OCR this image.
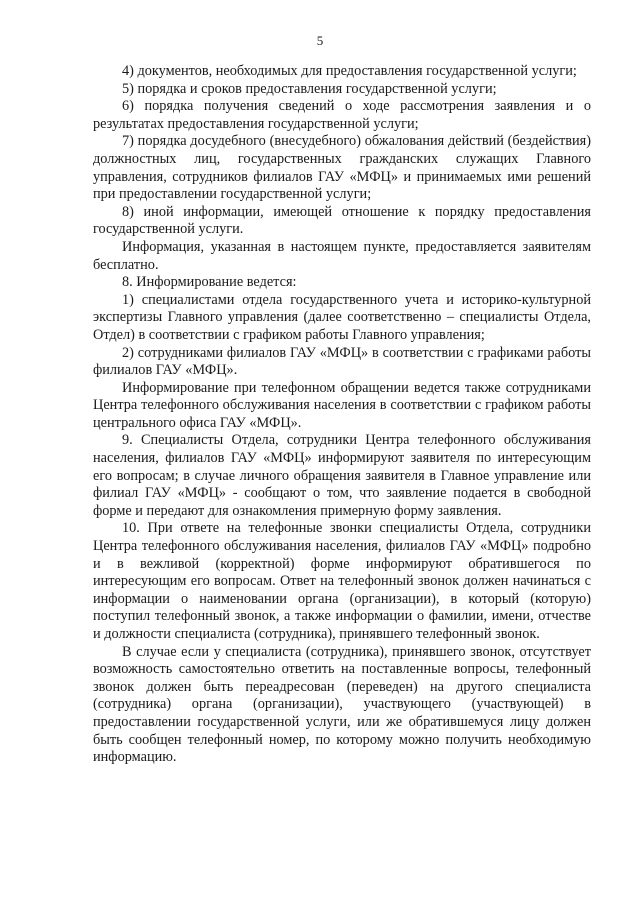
5

4) документов, необходимых для предоставления государственной услуги;

5) порядка и сроков предоставления государственной услуги;

6) порядка получения сведений о ходе рассмотрения заявления и о результатах предоставления государственной услуги;

7) порядка досудебного (внесудебного) обжалования действий (бездействия) должностных лиц, государственных гражданских служащих Главного управления, сотрудников филиалов ГАУ «МФЦ» и принимаемых ими решений при предоставлении государственной услуги;

8) иной информации, имеющей отношение к порядку предоставления государственной услуги.

Информация, указанная в настоящем пункте, предоставляется заявителям бесплатно.

8. Информирование ведется:

1) специалистами отдела государственного учета и историко-культурной экспертизы Главного управления (далее соответственно – специалисты Отдела, Отдел) в соответствии с графиком работы Главного управления;

2) сотрудниками филиалов ГАУ «МФЦ» в соответствии с графиками работы филиалов ГАУ «МФЦ».

Информирование при телефонном обращении ведется также сотрудниками Центра телефонного обслуживания населения в соответствии с графиком работы центрального офиса ГАУ «МФЦ».

9. Специалисты Отдела, сотрудники Центра телефонного обслуживания населения, филиалов ГАУ «МФЦ» информируют заявителя по интересующим его вопросам; в случае личного обращения заявителя в Главное управление или филиал ГАУ «МФЦ» - сообщают о том, что заявление подается в свободной форме и передают для ознакомления примерную форму заявления.

10. При ответе на телефонные звонки специалисты Отдела, сотрудники Центра телефонного обслуживания населения, филиалов ГАУ «МФЦ» подробно и в вежливой (корректной) форме информируют обратившегося по интересующим его вопросам. Ответ на телефонный звонок должен начинаться с информации о наименовании органа (организации), в который (которую) поступил телефонный звонок, а также информации о фамилии, имени, отчестве и должности специалиста (сотрудника), принявшего телефонный звонок.

В случае если у специалиста (сотрудника), принявшего звонок, отсутствует возможность самостоятельно ответить на поставленные вопросы, телефонный звонок должен быть переадресован (переведен) на другого специалиста (сотрудника) органа (организации), участвующего (участвующей) в предоставлении государственной услуги, или же обратившемуся лицу должен быть сообщен телефонный номер, по которому можно получить необходимую информацию.
